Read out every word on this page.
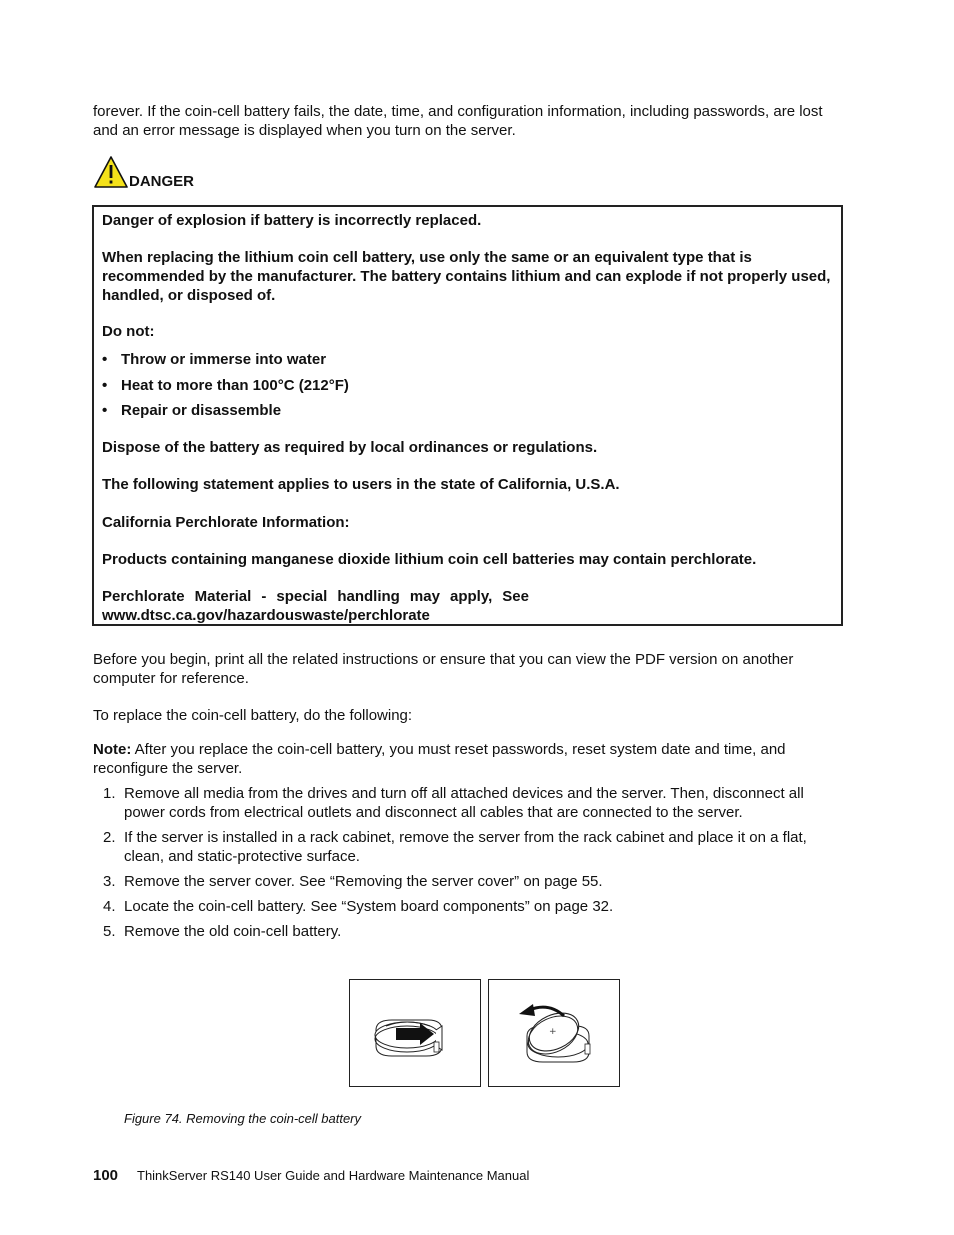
forever. If the coin-cell battery fails, the date, time, and configuration information, including passwords, are lost and an error message is displayed when you turn on the server.
DANGER
Danger of explosion if battery is incorrectly replaced.
When replacing the lithium coin cell battery, use only the same or an equivalent type that is recommended by the manufacturer. The battery contains lithium and can explode if not properly used, handled, or disposed of.
Do not:
• Throw or immerse into water
• Heat to more than 100°C (212°F)
• Repair or disassemble
Dispose of the battery as required by local ordinances or regulations.
The following statement applies to users in the state of California, U.S.A.
California Perchlorate Information:
Products containing manganese dioxide lithium coin cell batteries may contain perchlorate.
Perchlorate Material - special handling may apply, See
www.dtsc.ca.gov/hazardouswaste/perchlorate
Before you begin, print all the related instructions or ensure that you can view the PDF version on another computer for reference.
To replace the coin-cell battery, do the following:
Note: After you replace the coin-cell battery, you must reset passwords, reset system date and time, and reconfigure the server.
1. Remove all media from the drives and turn off all attached devices and the server. Then, disconnect all power cords from electrical outlets and disconnect all cables that are connected to the server.
2. If the server is installed in a rack cabinet, remove the server from the rack cabinet and place it on a flat, clean, and static-protective surface.
3. Remove the server cover. See “Removing the server cover” on page 55.
4. Locate the coin-cell battery. See “System board components” on page 32.
5. Remove the old coin-cell battery.
+
Figure 74. Removing the coin-cell battery
100 ThinkServer RS140 User Guide and Hardware Maintenance Manual
